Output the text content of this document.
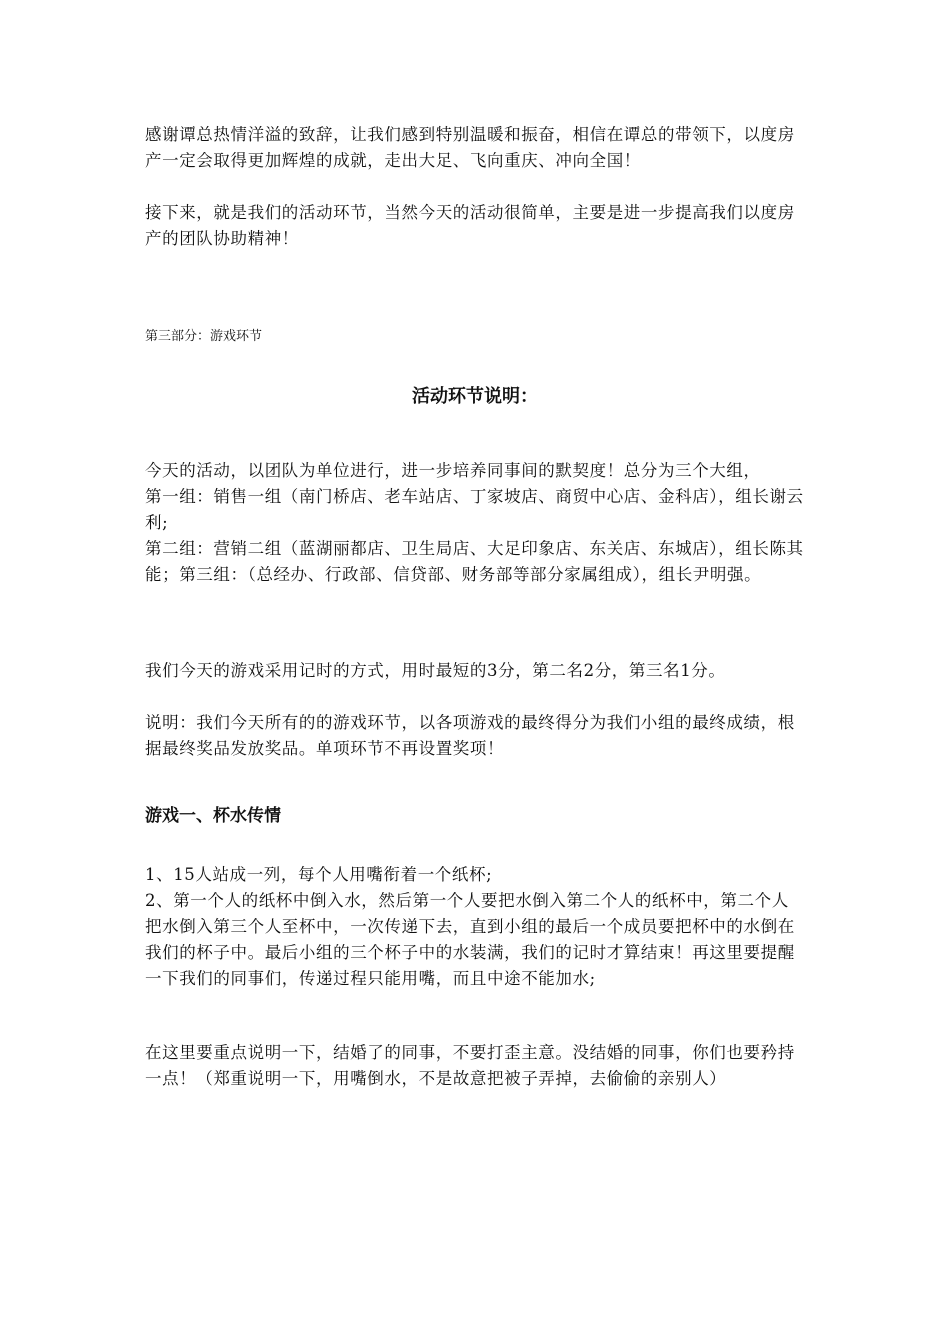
感谢谭总热情洋溢的致辞，让我们感到特别温暖和振奋，相信在谭总的带领下，以度房产一定会取得更加辉煌的成就，走出大足、飞向重庆、冲向全国！
接下来，就是我们的活动环节，当然今天的活动很简单，主要是进一步提高我们以度房产的团队协助精神！
第三部分：游戏环节
活动环节说明：
今天的活动，以团队为单位进行，进一步培养同事间的默契度！总分为三个大组，
第一组：销售一组（南门桥店、老车站店、丁家坡店、商贸中心店、金科店），组长谢云利;
第二组：营销二组（蓝湖丽都店、卫生局店、大足印象店、东关店、东城店），组长陈其能；第三组：（总经办、行政部、信贷部、财务部等部分家属组成），组长尹明强。
我们今天的游戏采用记时的方式，用时最短的3分，第二名2分，第三名1分。
说明：我们今天所有的的游戏环节，以各项游戏的最终得分为我们小组的最终成绩，根据最终奖品发放奖品。单项环节不再设置奖项！
游戏一、杯水传情
1、15人站成一列，每个人用嘴衔着一个纸杯;
2、第一个人的纸杯中倒入水，然后第一个人要把水倒入第二个人的纸杯中，第二个人把水倒入第三个人至杯中，一次传递下去，直到小组的最后一个成员要把杯中的水倒在我们的杯子中。最后小组的三个杯子中的水装满，我们的记时才算结束！再这里要提醒一下我们的同事们，传递过程只能用嘴，而且中途不能加水;
在这里要重点说明一下，结婚了的同事，不要打歪主意。没结婚的同事，你们也要矜持一点！（郑重说明一下，用嘴倒水，不是故意把被子弄掉，去偷偷的亲别人）
